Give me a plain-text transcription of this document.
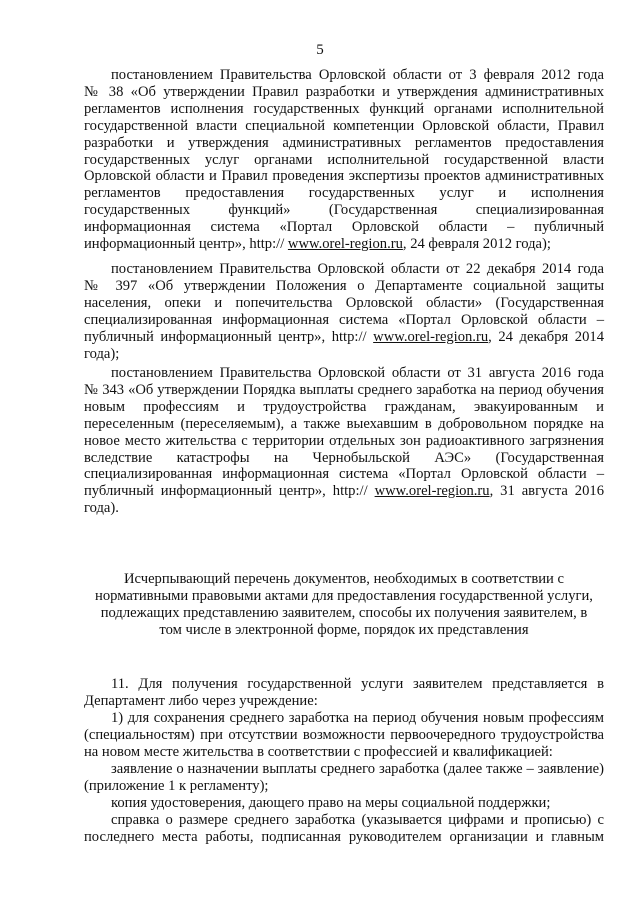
5
постановлением Правительства Орловской области от 3 февраля 2012 года
№ 38 «Об утверждении Правил разработки и утверждения административных
регламентов исполнения государственных функций органами исполнительной
государственной власти специальной компетенции Орловской области, Правил
разработки и утверждения административных регламентов предоставления
государственных услуг органами исполнительной государственной власти
Орловской области и Правил проведения экспертизы проектов административных
регламентов предоставления государственных услуг и исполнения
государственных функций» (Государственная специализированная
информационная система «Портал Орловской области – публичный
информационный центр», http:// www.orel-region.ru, 24 февраля 2012 года);
постановлением Правительства Орловской области от 22 декабря 2014 года
№ 397 «Об утверждении Положения о Департаменте социальной защиты
населения, опеки и попечительства Орловской области» (Государственная
специализированная информационная система «Портал Орловской области –
публичный информационный центр», http:// www.orel-region.ru, 24 декабря 2014
года);
постановлением Правительства Орловской области от 31 августа 2016 года
№ 343 «Об утверждении Порядка выплаты среднего заработка на период обучения
новым профессиям и трудоустройства гражданам, эвакуированным и
переселенным (переселяемым), а также выехавшим в добровольном порядке на
новое место жительства с территории отдельных зон радиоактивного загрязнения
вследствие катастрофы на Чернобыльской АЭС» (Государственная
специализированная информационная система «Портал Орловской области –
публичный информационный центр», http:// www.orel-region.ru, 31 августа 2016
года).
Исчерпывающий перечень документов, необходимых в соответствии с
нормативными правовыми актами для предоставления государственной услуги,
подлежащих представлению заявителем, способы их получения заявителем, в
том числе в электронной форме, порядок их представления
11. Для получения государственной услуги заявителем представляется в
Департамент либо через учреждение:
1) для сохранения среднего заработка на период обучения новым профессиям
(специальностям) при отсутствии возможности первоочередного трудоустройства
на новом месте жительства в соответствии с профессией и квалификацией:
заявление о назначении выплаты среднего заработка (далее также – заявление)
(приложение 1 к регламенту);
копия удостоверения, дающего право на меры социальной поддержки;
справка о размере среднего заработка (указывается цифрами и прописью) с
последнего места работы, подписанная руководителем организации и главным
